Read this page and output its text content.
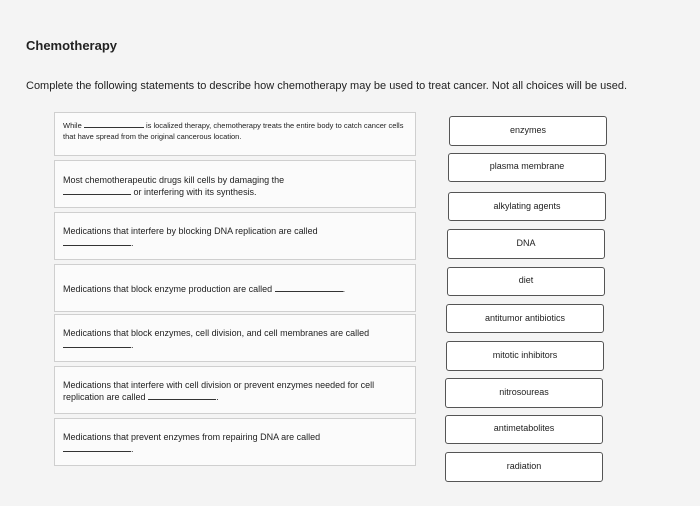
Chemotherapy
Complete the following statements to describe how chemotherapy may be used to treat cancer. Not all choices will be used.
While	is localized therapy, chemotherapy treats the entire body to catch cancer cells that have spread from the original cancerous location.
Most chemotherapeutic drugs kill cells by damaging the
or interfering with its synthesis.
Medications that interfere by blocking DNA replication are called
.
Medications that block enzyme production are called	.
Medications that block enzymes, cell division, and cell membranes are called .
Medications that interfere with cell division or prevent enzymes needed for cell replication are called	.
Medications that prevent enzymes from repairing DNA are called
.
enzymes
plasma membrane
alkylating agents
DNA
diet
antitumor antibiotics
mitotic inhibitors
nitrosoureas
antimetabolites
radiation
